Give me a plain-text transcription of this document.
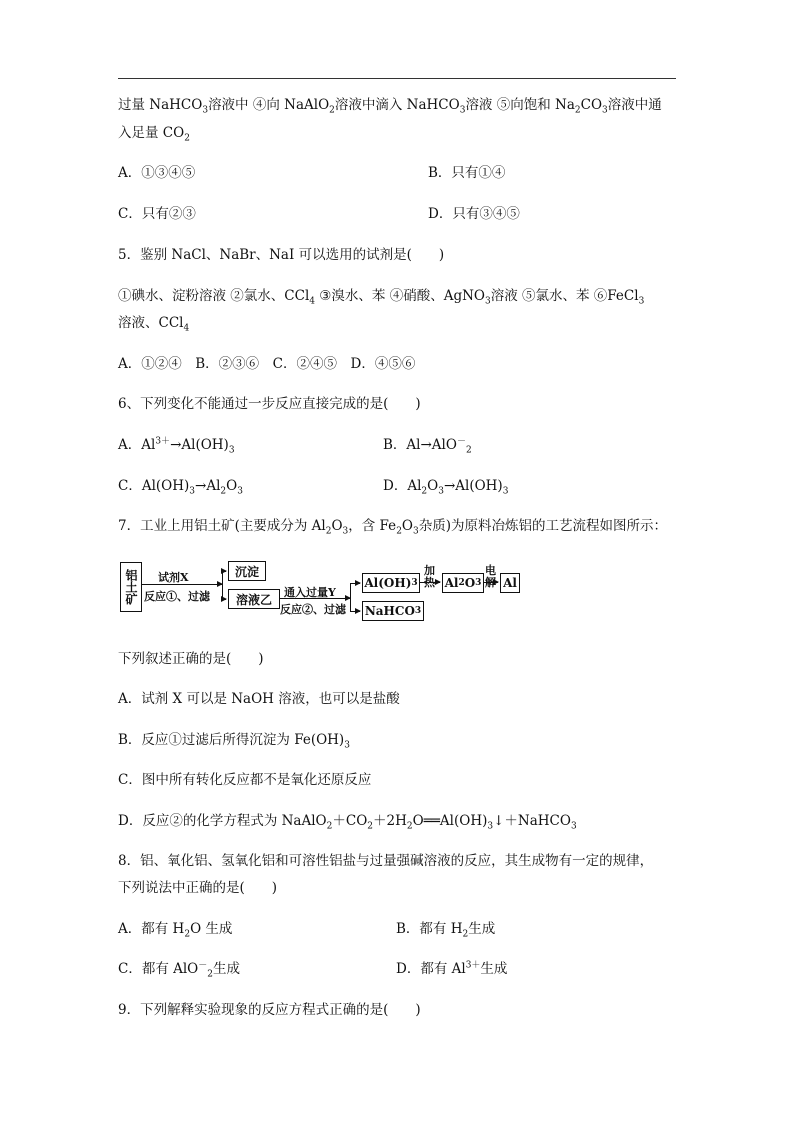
过量 NaHCO$_3$溶液中 ④向 NaAlO$_2$溶液中滴入 NaHCO$_3$溶液 ⑤向饱和 $Na_2CO_3$溶液中通
入足量 $CO_2$
A．①③④⑤	B．只有①④
C．只有②③	D．只有③④⑤
5．鉴别 NaCl、NaBr、NaI 可以选用的试剂是(　　)
①碘水、淀粉溶液 ②氯水、CCl$_4$ ③溴水、苯 ④硝酸、AgNO$_3$溶液 ⑤氯水、苯 ⑥FeCl$_3$
溶液、CCl$_4$
A．①②④　B．②③⑥　C．②④⑤　D．④⑤⑥
6、下列变化不能通过一步反应直接完成的是(　　)
A．$Al^{3+}\to Al(OH)_3$	B．Al→AlO－$_2$
C．$Al(OH)_3\to Al_2O_3$	D．$Al_2O_3\to Al(OH)_3$
7．工业上用铝土矿(主要成分为 $Al_2O_3$，含 $Fe_2O_3$杂质)为原料冶炼铝的工艺流程如图所示：
铝土矿	试剂X
反应①、过滤
沉淀
溶液乙	通入过量Y
反应②、过滤
Al(OH) 3
NaHCO 3
加热 Al 2 O 3
电解 Al
下列叙述正确的是(　　)
A．试剂 X 可以是 NaOH 溶液，也可以是盐酸
B．反应①过滤后所得沉淀为 $Fe(OH)_3$
C．图中所有转化反应都不是氧化还原反应
D．反应②的化学方程式为 $NaAlO_2+CO_2+2H_2O══Al(OH)_3↓+NaHCO_3$
8．铝、氧化铝、氢氧化铝和可溶性铝盐与过量强碱溶液的反应，其生成物有一定的规律，
下列说法中正确的是(　　)
A．都有 $H_2O$ 生成	B．都有 $H_2$生成
C．都有 AlO－$_2$生成	D．都有 $Al^{3+}$生成
9．下列解释实验现象的反应方程式正确的是(　　)
